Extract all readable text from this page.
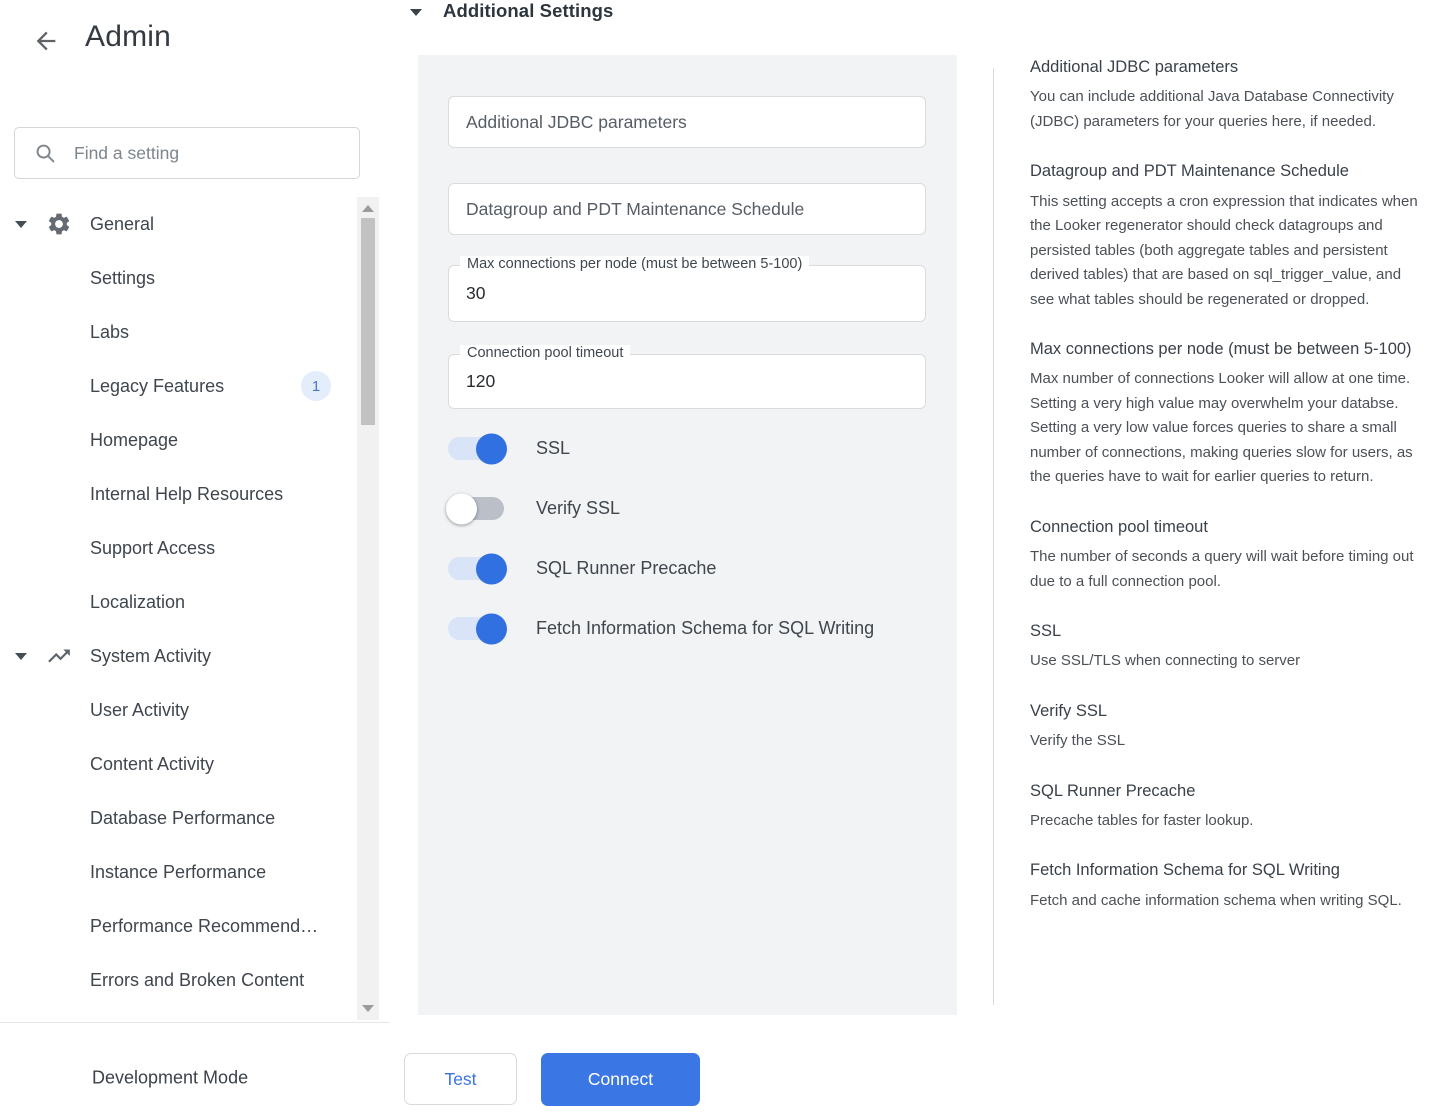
Admin
Find a setting
General
Settings
Labs
Legacy Features	1
Homepage
Internal Help Resources
Support Access
Localization
System Activity
User Activity
Content Activity
Database Performance
Instance Performance
Performance Recommend…
Errors and Broken Content
Development Mode
Additional Settings
Additional JDBC parameters
Datagroup and PDT Maintenance Schedule
Max connections per node (must be between 5-100)
30
Connection pool timeout
120
SSL
Verify SSL
SQL Runner Precache
Fetch Information Schema for SQL Writing
Test	Connect
Additional JDBC parameters

You can include additional Java Database Connectivity (JDBC) parameters for your queries here, if needed.

Datagroup and PDT Maintenance Schedule

This setting accepts a cron expression that indicates when the Looker regenerator should check datagroups and persisted tables (both aggregate tables and persistent derived tables) that are based on sql_trigger_value, and see what tables should be regenerated or dropped.

Max connections per node (must be between 5-100)

Max number of connections Looker will allow at one time. Setting a very high value may overwhelm your databse. Setting a very low value forces queries to share a small number of connections, making queries slow for users, as the queries have to wait for earlier queries to return.

Connection pool timeout

The number of seconds a query will wait before timing out due to a full connection pool.

SSL

Use SSL/TLS when connecting to server

Verify SSL

Verify the SSL

SQL Runner Precache

Precache tables for faster lookup.

Fetch Information Schema for SQL Writing

Fetch and cache information schema when writing SQL.
